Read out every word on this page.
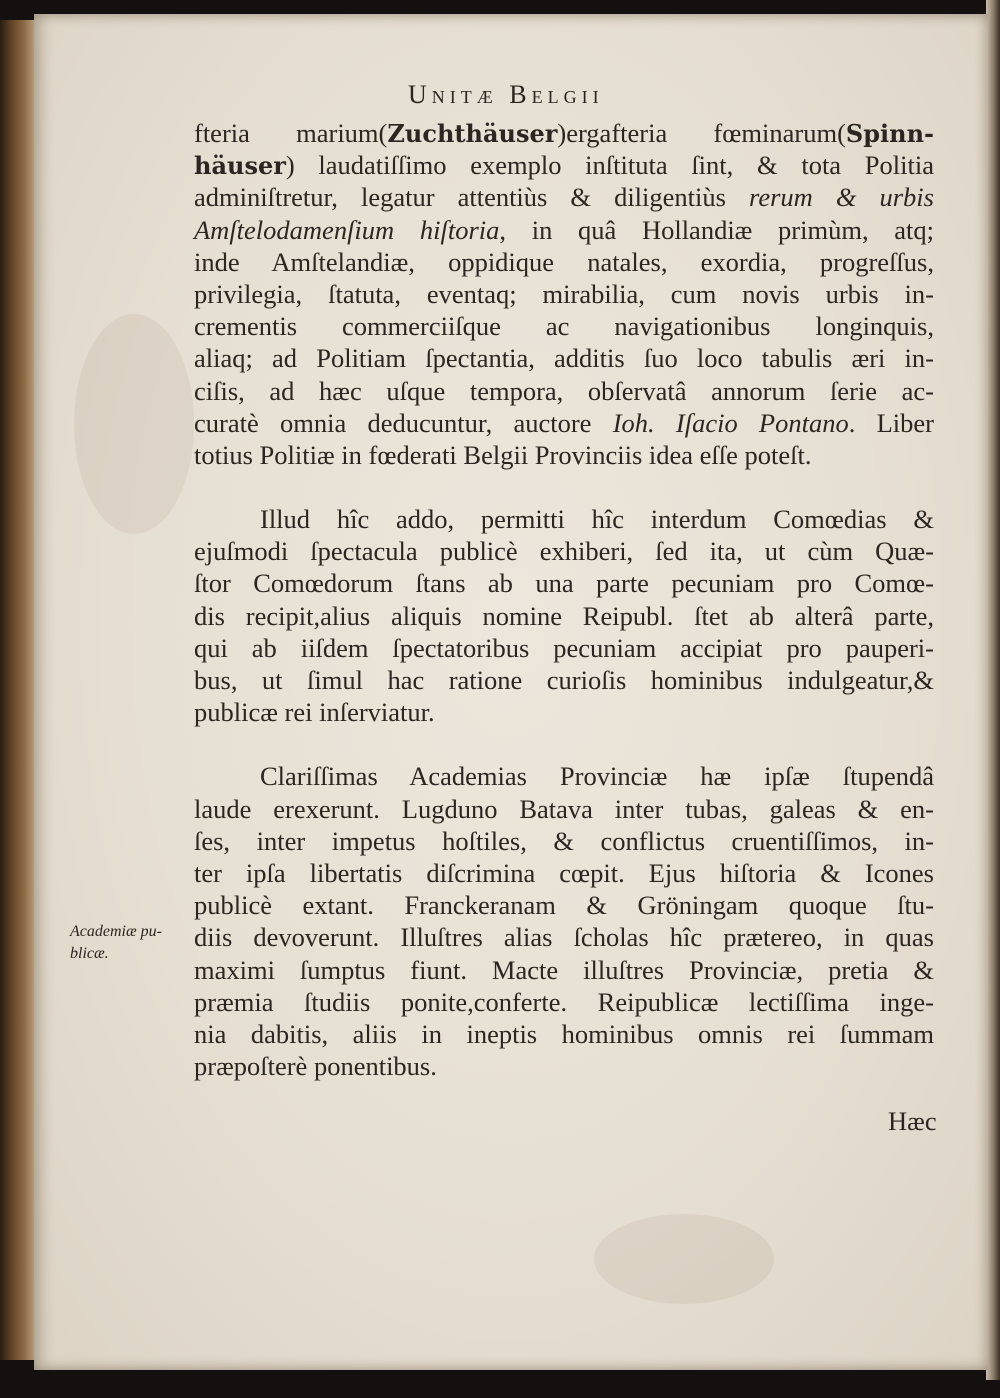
Unitæ Belgii
fteria marium(Zuchthäuser)ergafteria fœminarum(Spinn-
häuser) laudatiſſimo exemplo inſtituta ſint, & tota Politia
adminiſtretur, legatur attentiùs & diligentiùs rerum & urbis
Amſtelodamenſium hiſtoria, in quâ Hollandiæ primùm, atq;
inde Amſtelandiæ, oppidique natales, exordia, progreſſus,
privilegia, ſtatuta, eventaq; mirabilia, cum novis urbis in-
crementis commerciiſque ac navigationibus longinquis,
aliaq; ad Politiam ſpectantia, additis ſuo loco tabulis æri in-
ciſis, ad hæc uſque tempora, obſervatâ annorum ſerie ac-
curatè omnia deducuntur, auctore Ioh. Iſacio Pontano. Liber
totius Politiæ in fœderati Belgii Provinciis idea eſſe poteſt.
Illud hîc addo, permitti hîc interdum Comœdias &
ejuſmodi ſpectacula publicè exhiberi, ſed ita, ut cùm Quæ-
ſtor Comœdorum ſtans ab una parte pecuniam pro Comœ-
dis recipit,alius aliquis nomine Reipubl. ſtet ab alterâ parte,
qui ab iiſdem ſpectatoribus pecuniam accipiat pro pauperi-
bus, ut ſimul hac ratione curioſis hominibus indulgeatur,&
publicæ rei inſerviatur.
Clariſſimas Academias Provinciæ hæ ipſæ ſtupendâ
laude erexerunt. Lugduno Batava inter tubas, galeas & en-
ſes, inter impetus hoſtiles, & conflictus cruentiſſimos, in-
ter ipſa libertatis diſcrimina cœpit. Ejus hiſtoria & Icones
publicè extant. Franckeranam & Gröningam quoque ſtu-
diis devoverunt. Illuſtres alias ſcholas hîc prætereo, in quas
maximi ſumptus fiunt. Macte illuſtres Provinciæ, pretia &
præmia ſtudiis ponite,conferte. Reipublicæ lectiſſima inge-
nia dabitis, aliis in ineptis hominibus omnis rei ſummam
præpoſterè ponentibus.
Academiæ pu-
blicæ.
Hæc
